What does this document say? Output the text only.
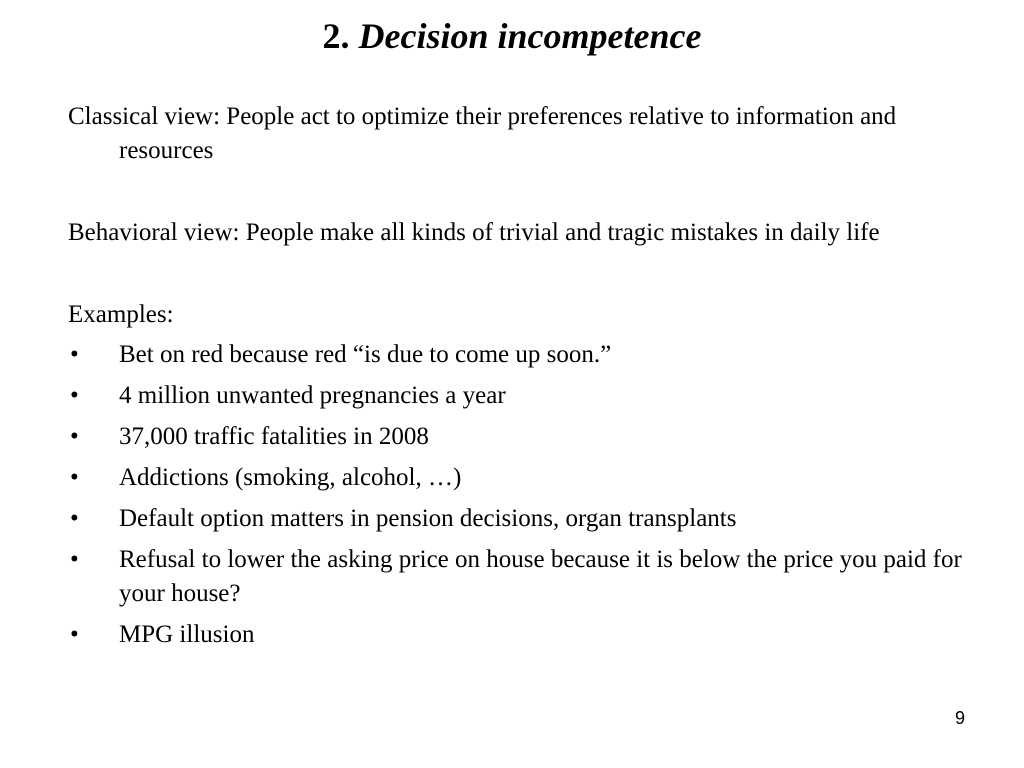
2. Decision incompetence

Classical view: People act to optimize their preferences relative to information and resources

Behavioral view: People make all kinds of trivial and tragic mistakes in daily life

Examples:

• Bet on red because red “is due to come up soon.”
• 4 million unwanted pregnancies a year
• 37,000 traffic fatalities in 2008
• Addictions (smoking, alcohol, …)
• Default option matters in pension decisions, organ transplants
• Refusal to lower the asking price on house because it is below the price you paid for your house?
• MPG illusion
9
